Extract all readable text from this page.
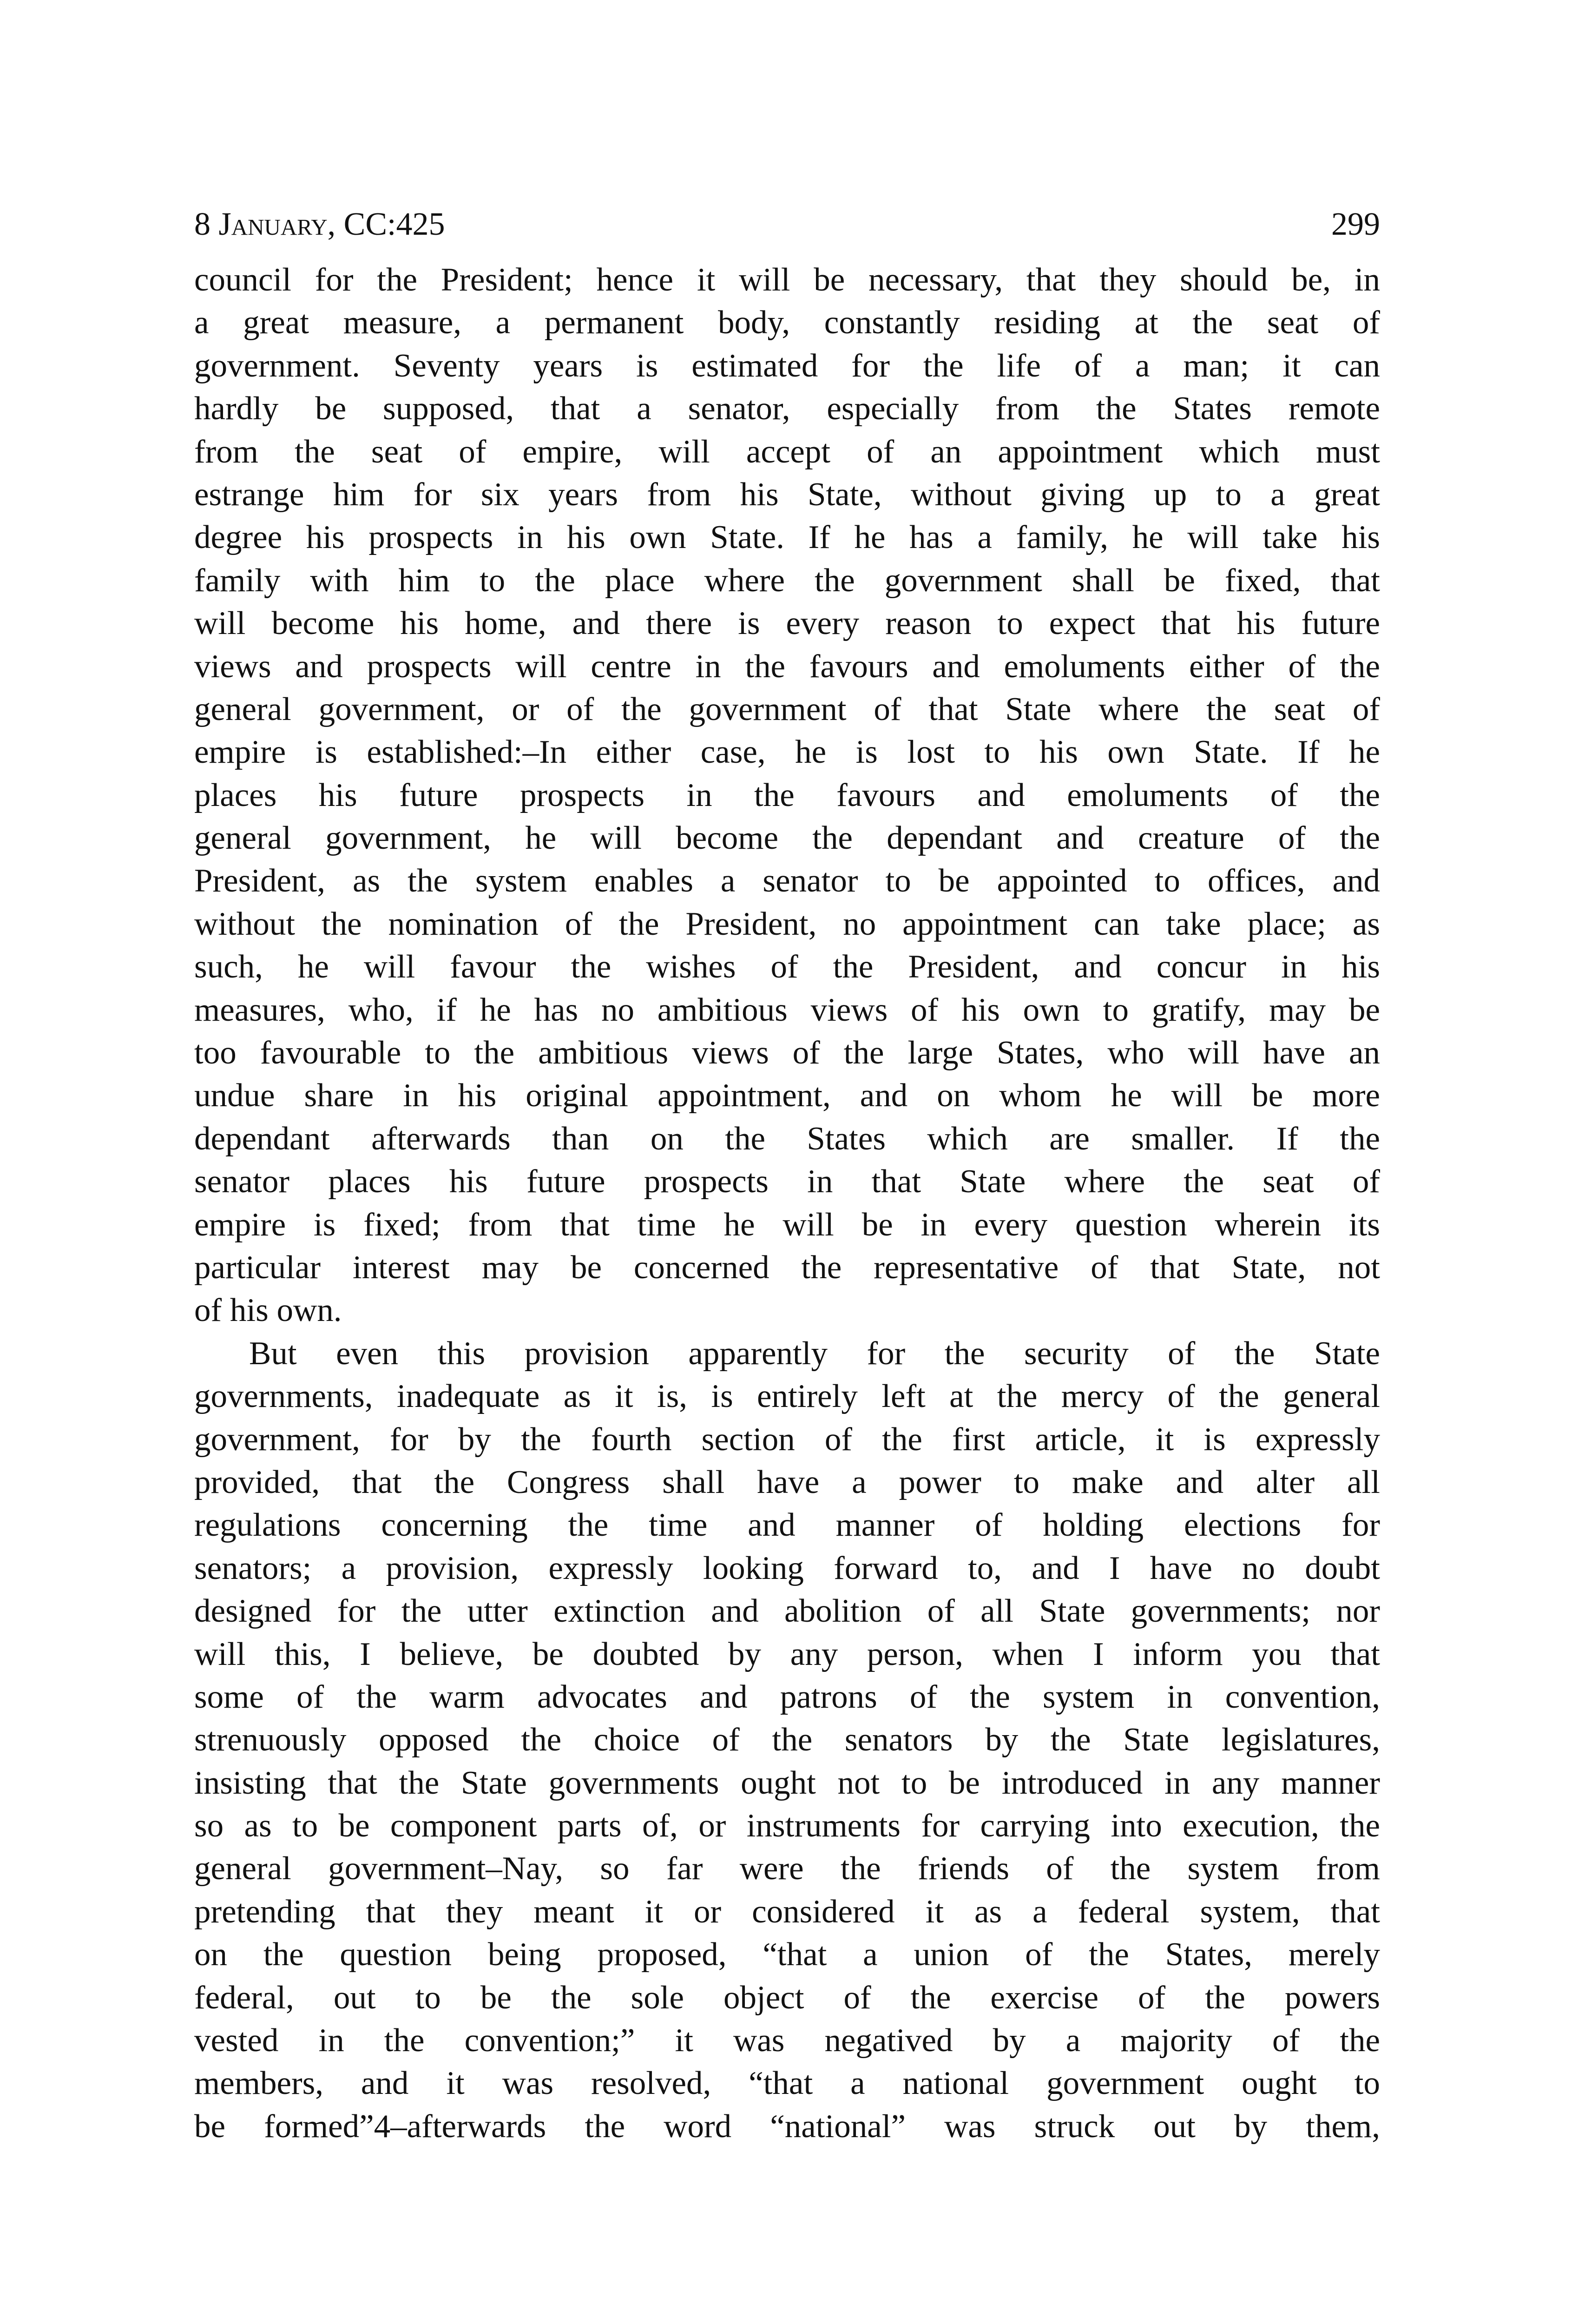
8 January, CC:425	299
council for the President; hence it will be necessary, that they should be, in
a great measure, a permanent body, constantly residing at the seat of
government. Seventy years is estimated for the life of a man; it can
hardly be supposed, that a senator, especially from the States remote
from the seat of empire, will accept of an appointment which must
estrange him for six years from his State, without giving up to a great
degree his prospects in his own State. If he has a family, he will take his
family with him to the place where the government shall be fixed, that
will become his home, and there is every reason to expect that his future
views and prospects will centre in the favours and emoluments either of the
general government, or of the government of that State where the seat of
empire is established:–In either case, he is lost to his own State. If he
places his future prospects in the favours and emoluments of the
general government, he will become the dependant and creature of the
President, as the system enables a senator to be appointed to offices, and
without the nomination of the President, no appointment can take place; as
such, he will favour the wishes of the President, and concur in his
measures, who, if he has no ambitious views of his own to gratify, may be
too favourable to the ambitious views of the large States, who will have an
undue share in his original appointment, and on whom he will be more
dependant afterwards than on the States which are smaller. If the
senator places his future prospects in that State where the seat of
empire is fixed; from that time he will be in every question wherein its
particular interest may be concerned the representative of that State, not
of his own.
But even this provision apparently for the security of the State
governments, inadequate as it is, is entirely left at the mercy of the general
government, for by the fourth section of the first article, it is expressly
provided, that the Congress shall have a power to make and alter all
regulations concerning the time and manner of holding elections for
senators; a provision, expressly looking forward to, and I have no doubt
designed for the utter extinction and abolition of all State governments; nor
will this, I believe, be doubted by any person, when I inform you that
some of the warm advocates and patrons of the system in convention,
strenuously opposed the choice of the senators by the State legislatures,
insisting that the State governments ought not to be introduced in any manner
so as to be component parts of, or instruments for carrying into execution, the
general government–Nay, so far were the friends of the system from
pretending that they meant it or considered it as a federal system, that
on the question being proposed, “that a union of the States, merely
federal, out to be the sole object of the exercise of the powers
vested in the convention;” it was negatived by a majority of the
members, and it was resolved, “that a national government ought to
be formed”4–afterwards the word “national” was struck out by them,
